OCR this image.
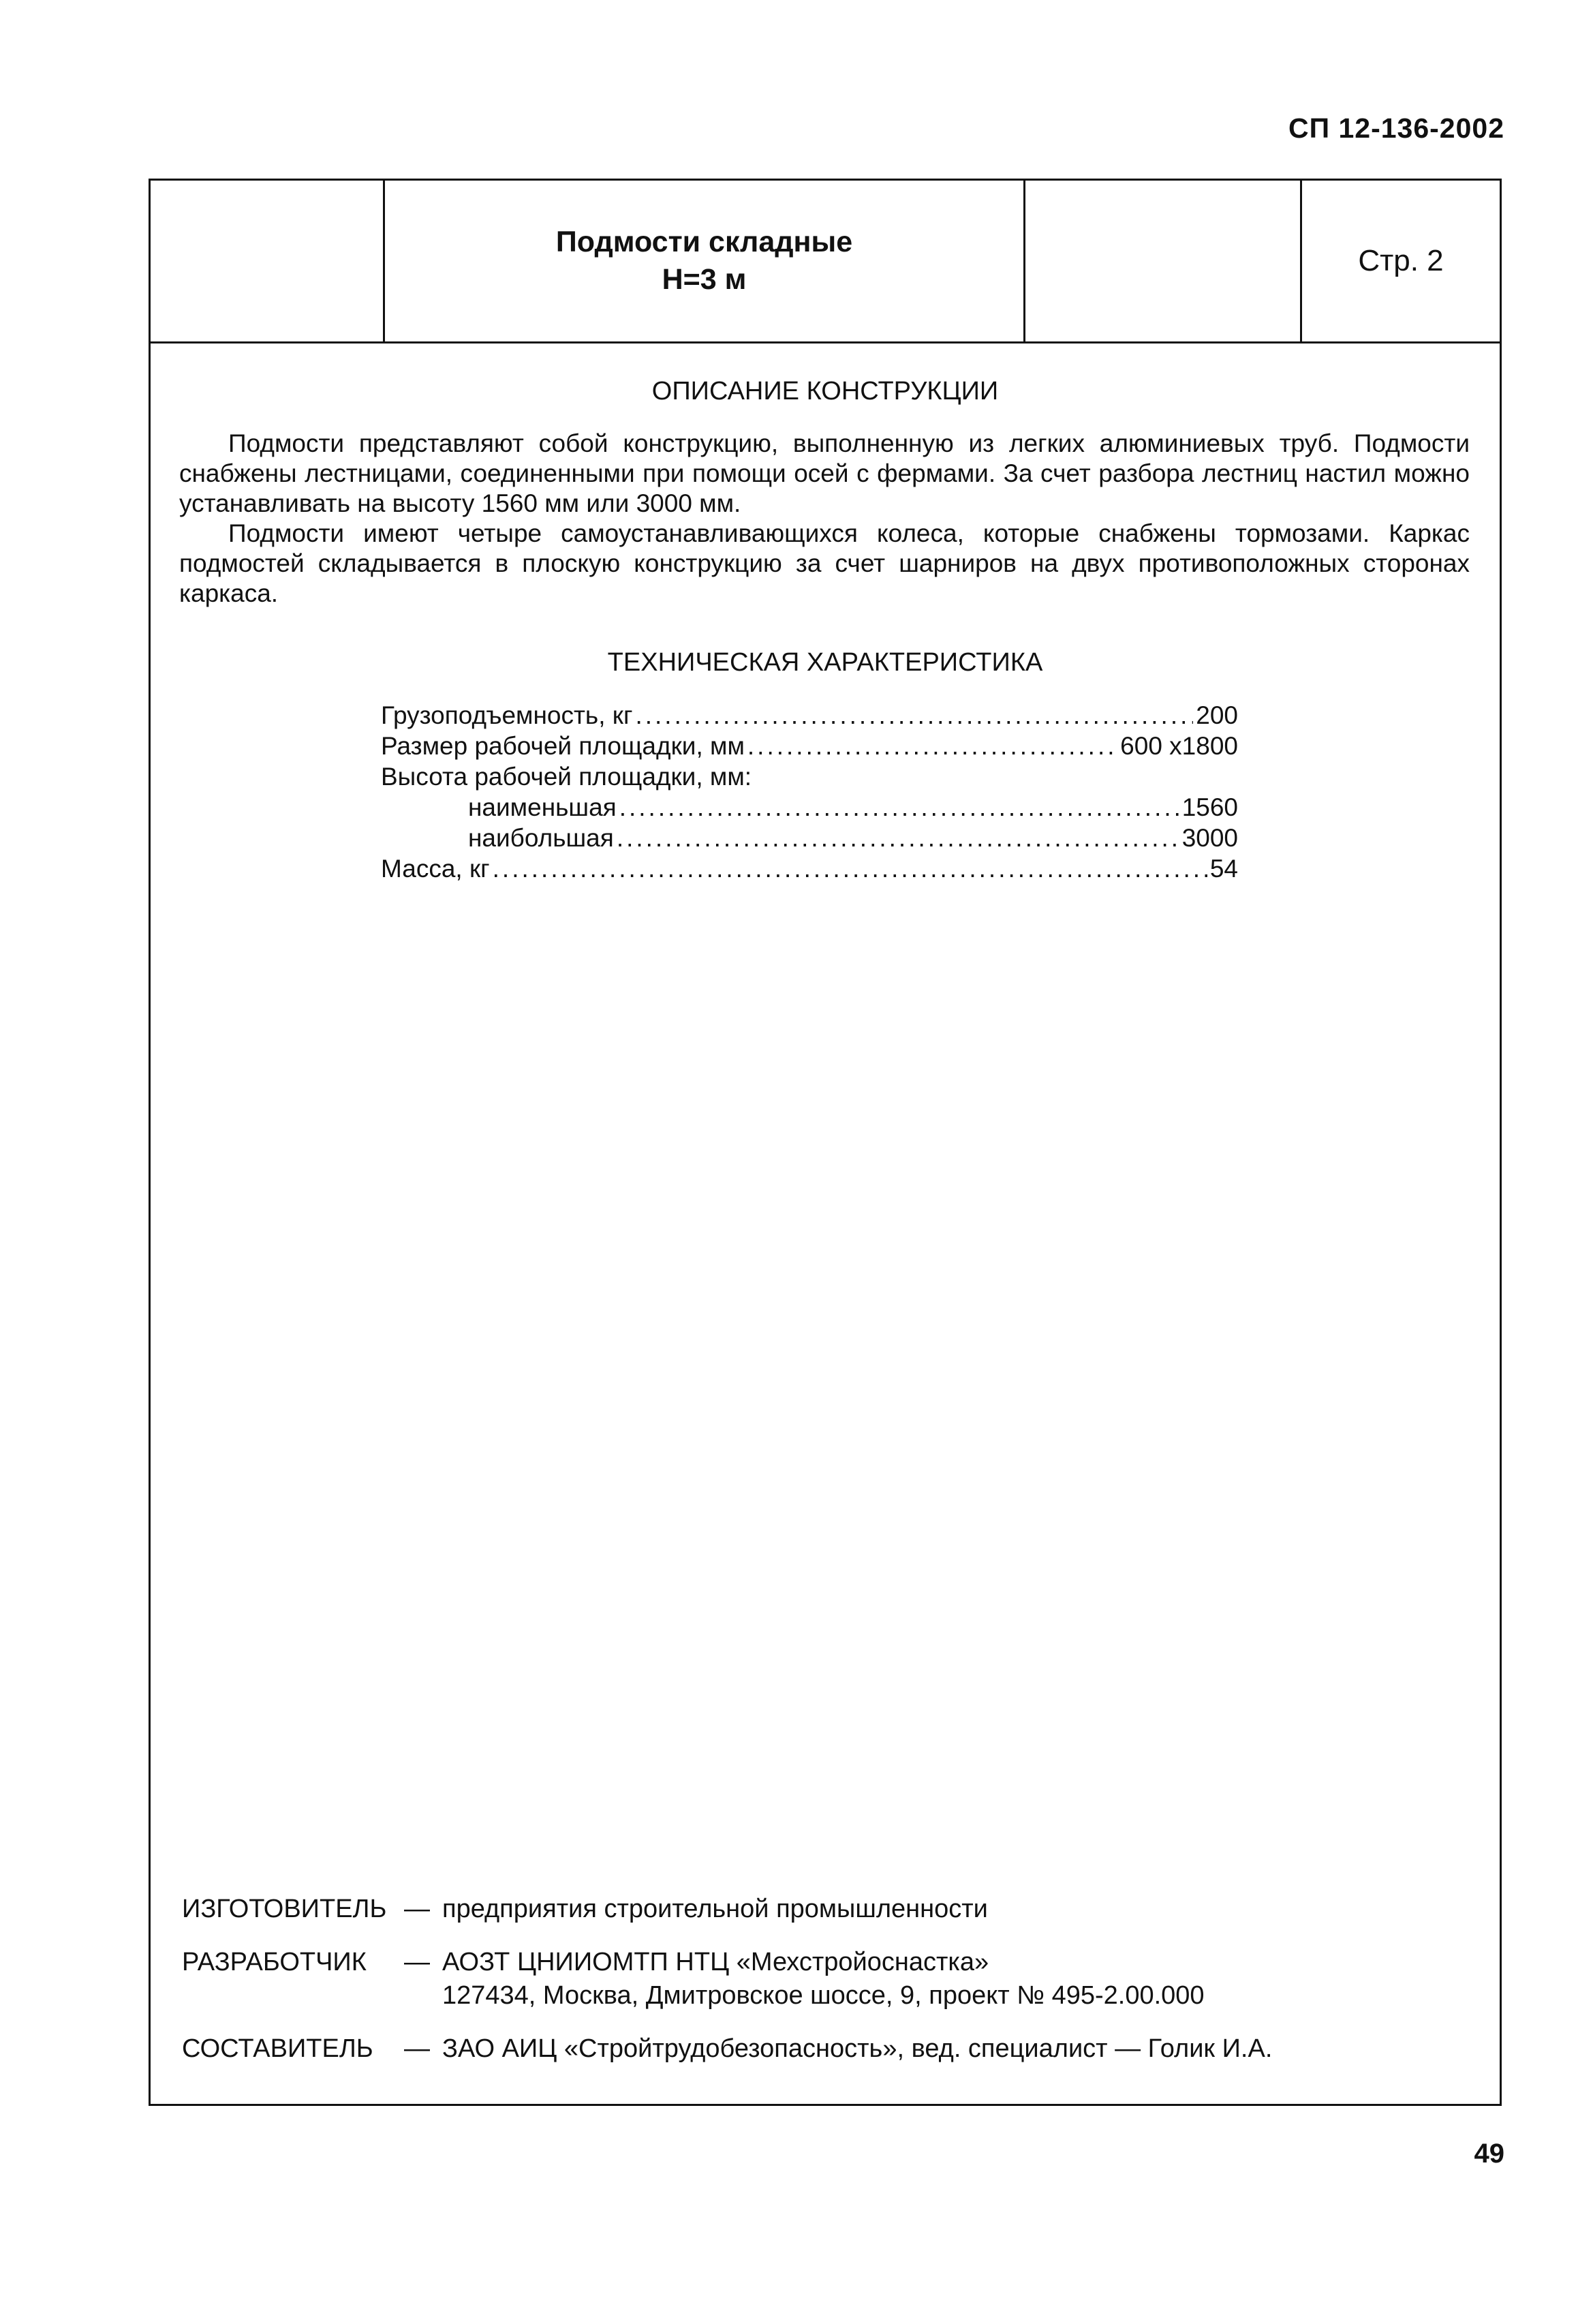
СП 12-136-2002
Подмости складные
Н=3 м
Стр. 2
ОПИСАНИЕ КОНСТРУКЦИИ

Подмости представляют собой конструкцию, выполненную из легких алюминиевых труб. Подмости снабжены лестницами, соединенными при помощи осей с фермами. За счет разбора лестниц настил можно устанавливать на высоту 1560 мм или 3000 мм.

Подмости имеют четыре самоустанавливающихся колеса, которые снабжены тормозами. Каркас подмостей складывается в плоскую конструкцию за счет шарниров на двух противоположных сторонах каркаса.

ТЕХНИЧЕСКАЯ ХАРАКТЕРИСТИКА
Грузоподъемность, кг .....	200
Размер рабочей площадки, мм .....	600 x1800
Высота рабочей площадки, мм:
наименьшая .....	1560
наибольшая .....	3000
Масса, кг .....	54
ИЗГОТОВИТЕЛЬ — предприятия строительной промышленности
РАЗРАБОТЧИК	— АОЗТ ЦНИИОМТП НТЦ «Мехстройоснастка»
127434, Москва, Дмитровское шоссе, 9, проект № 495-2.00.000
СОСТАВИТЕЛЬ	— ЗАО АИЦ «Стройтрудобезопасность», вед. специалист — Голик И.А.
49
